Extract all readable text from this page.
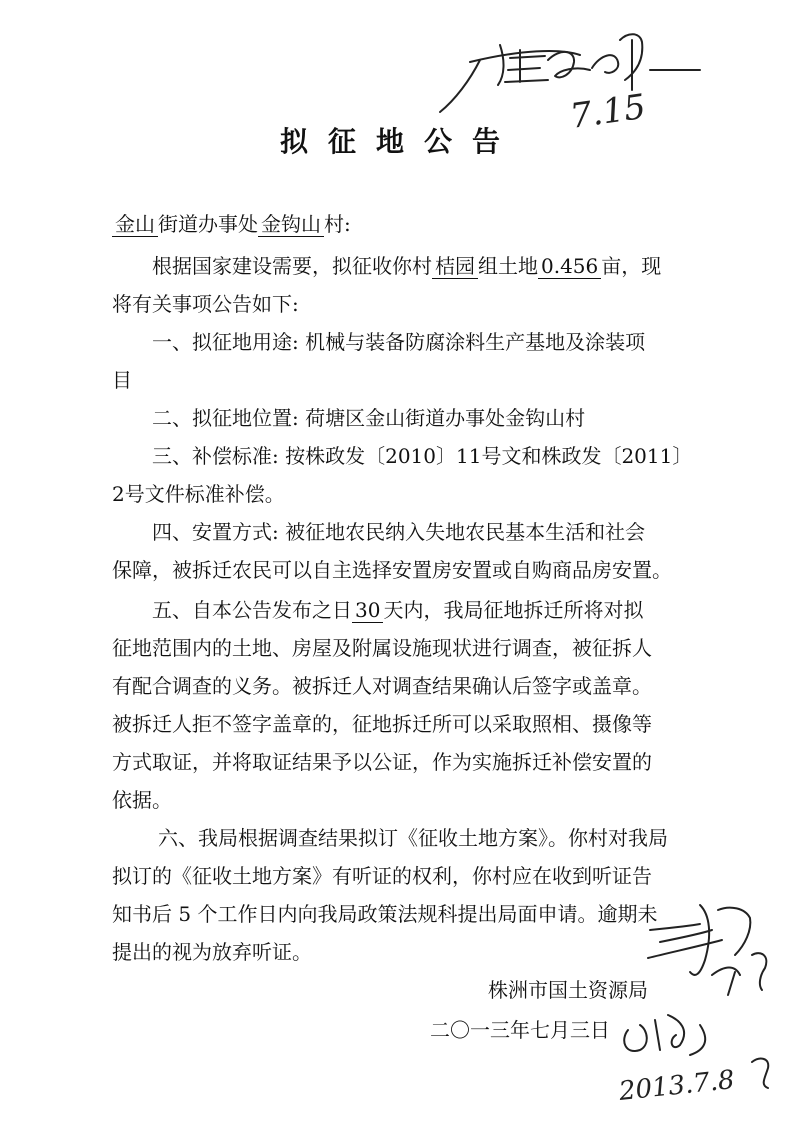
拟征地公告
金山 街道办事处 金钩山 村:
根据国家建设需要，拟征收你村 桔园 组土地 0.456 亩，现
将有关事项公告如下:
一、拟征地用途: 机械与装备防腐涂料生产基地及涂装项
目
二、拟征地位置: 荷塘区金山街道办事处金钩山村
三、补偿标准: 按株政发〔2010〕11号文和株政发〔2011〕
2号文件标准补偿。
四、安置方式: 被征地农民纳入失地农民基本生活和社会
保障，被拆迁农民可以自主选择安置房安置或自购商品房安置。
五、自本公告发布之日 30 天内，我局征地拆迁所将对拟
征地范围内的土地、房屋及附属设施现状进行调查，被征拆人
有配合调查的义务。被拆迁人对调查结果确认后签字或盖章。
被拆迁人拒不签字盖章的，征地拆迁所可以采取照相、摄像等
方式取证，并将取证结果予以公证，作为实施拆迁补偿安置的
依据。
六、我局根据调查结果拟订《征收土地方案》。你村对我局
拟订的《征收土地方案》有听证的权利，你村应在收到听证告
知书后 5 个工作日内向我局政策法规科提出局面申请。逾期未
提出的视为放弃听证。
株洲市国土资源局
二〇一三年七月三日
7.15
2013.7.8
